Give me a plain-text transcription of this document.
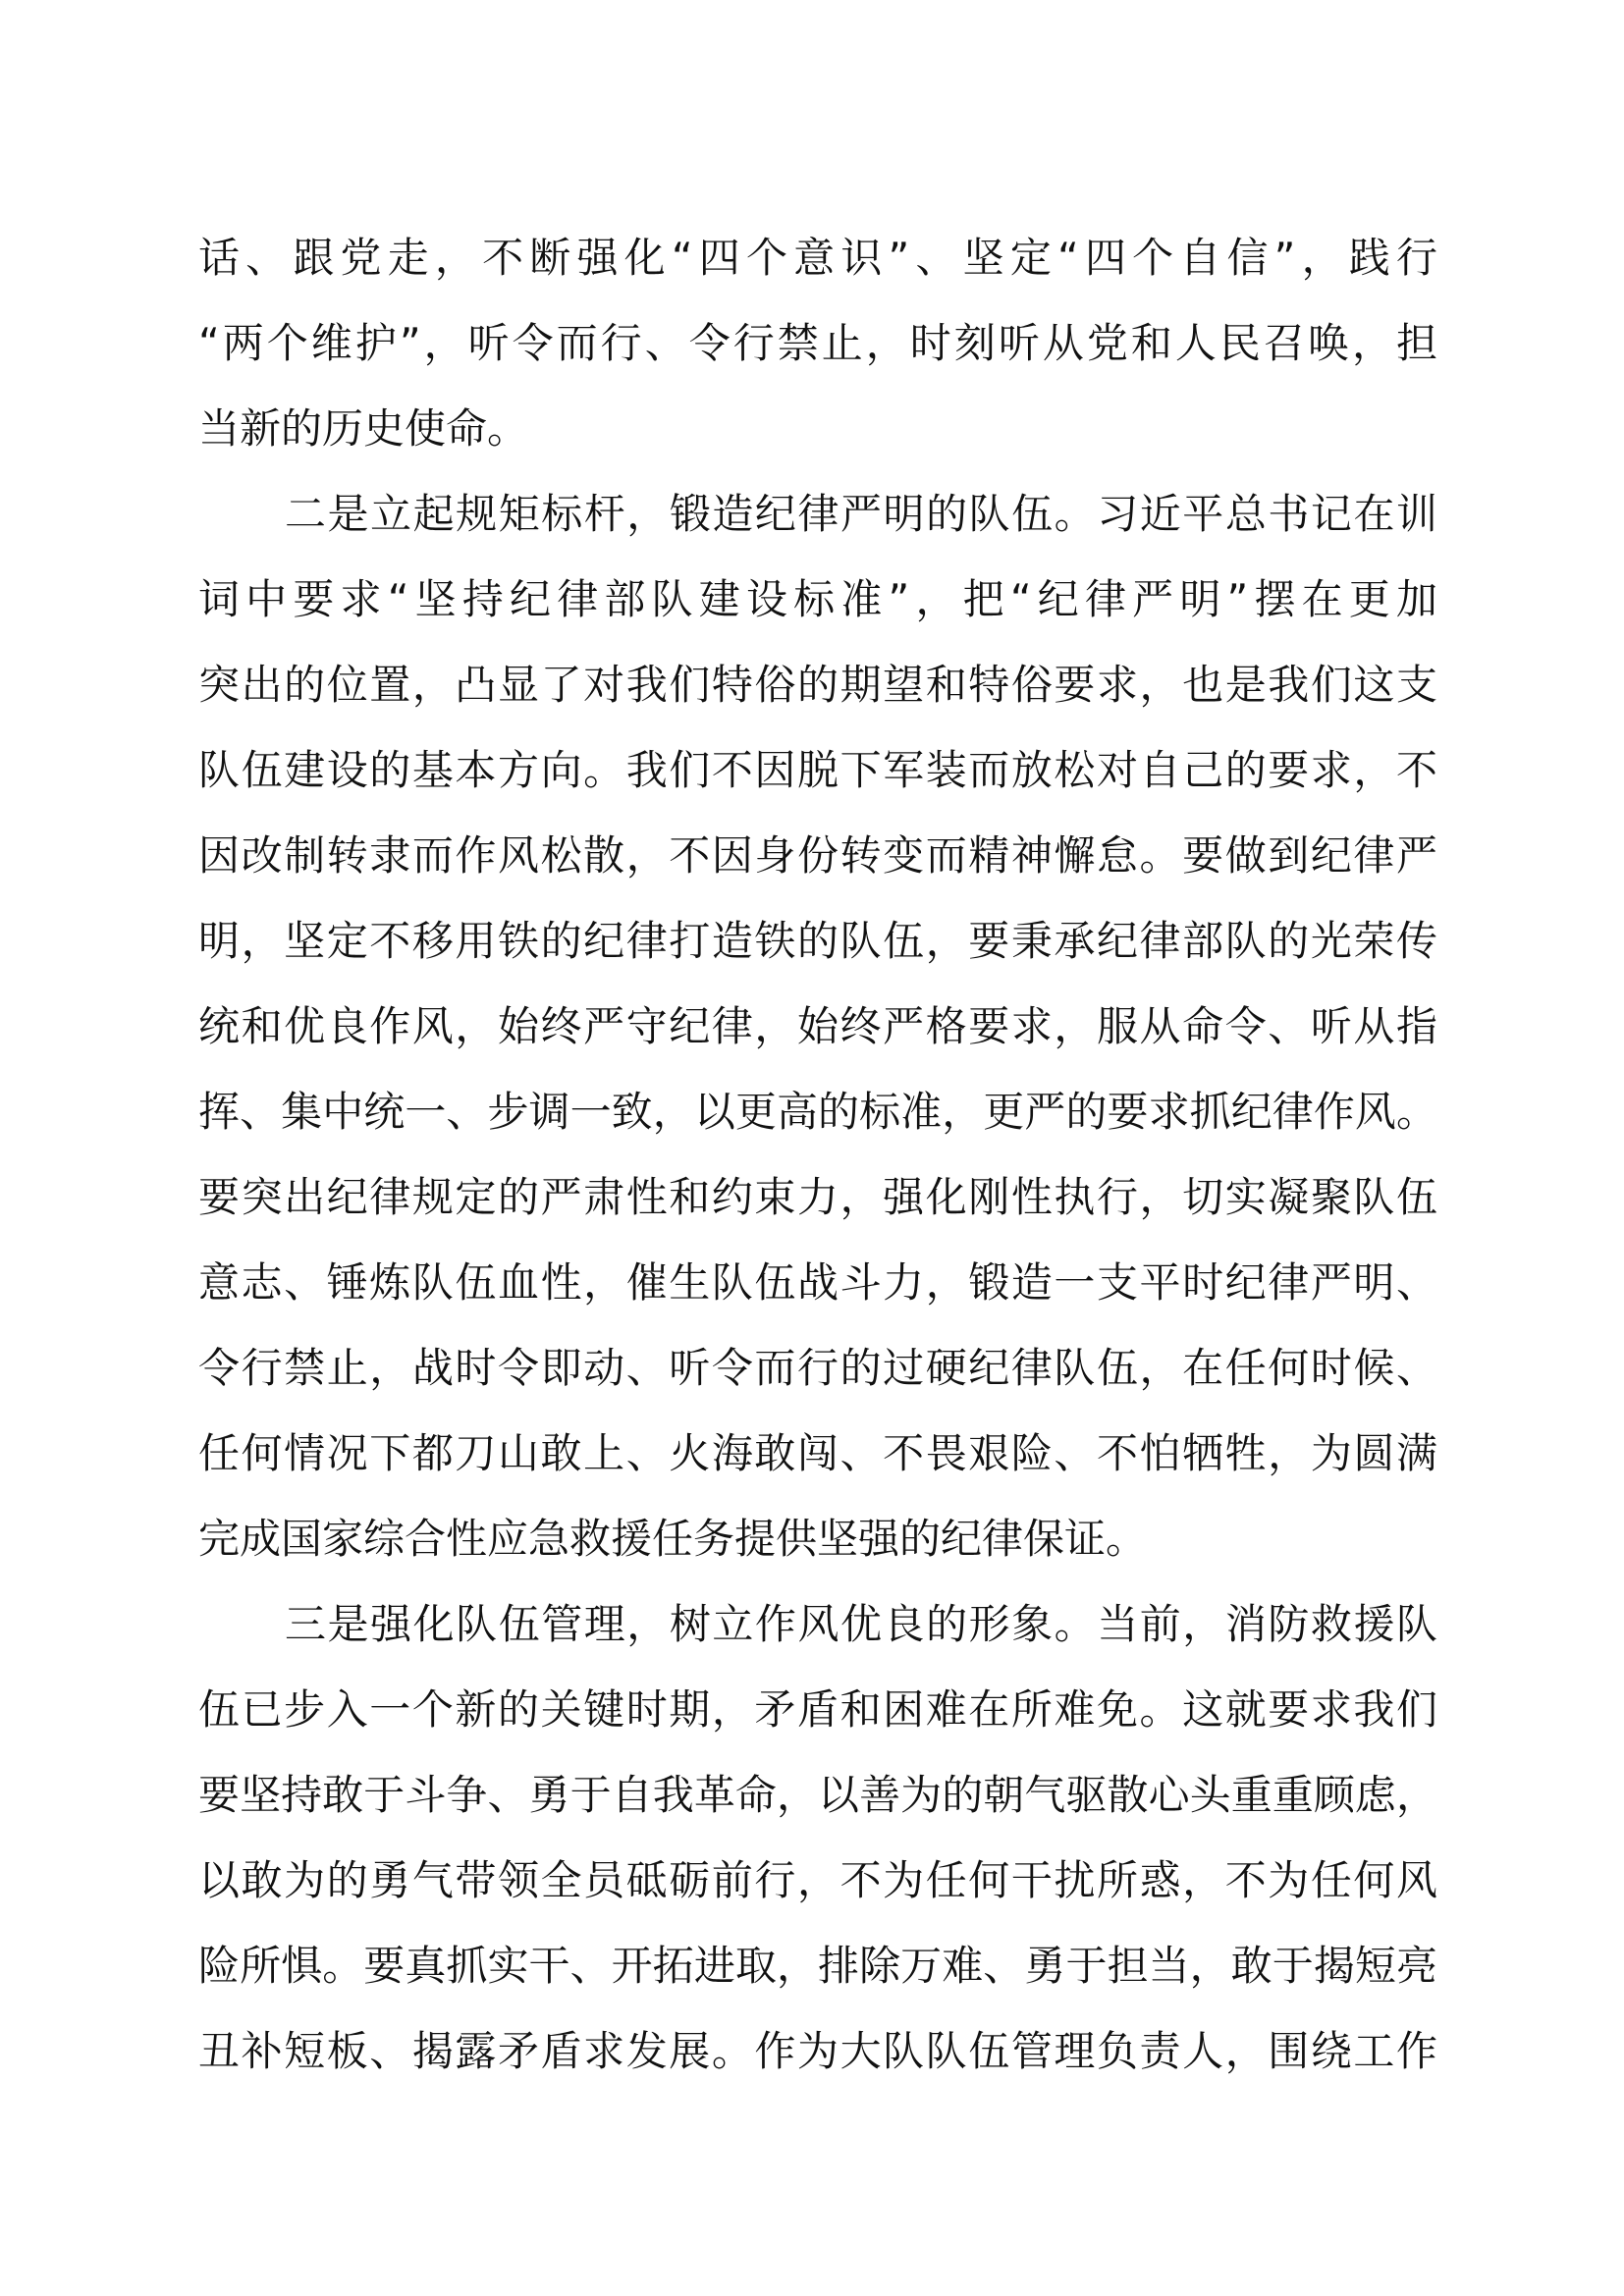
话、跟党走，不断强化“四个意识”、坚定“四个自信”，践行
“两个维护”，听令而行、令行禁止，时刻听从党和人民召唤，担
当新的历史使命。
二是立起规矩标杆，锻造纪律严明的队伍。习近平总书记在训
词中要求“坚持纪律部队建设标准”，把“纪律严明”摆在更加
突出的位置，凸显了对我们特俗的期望和特俗要求，也是我们这支
队伍建设的基本方向。我们不因脱下军装而放松对自己的要求，不
因改制转隶而作风松散，不因身份转变而精神懈怠。要做到纪律严
明，坚定不移用铁的纪律打造铁的队伍，要秉承纪律部队的光荣传
统和优良作风，始终严守纪律，始终严格要求，服从命令、听从指
挥、集中统一、步调一致，以更高的标准，更严的要求抓纪律作风。
要突出纪律规定的严肃性和约束力，强化刚性执行，切实凝聚队伍
意志、锤炼队伍血性，催生队伍战斗力，锻造一支平时纪律严明、
令行禁止，战时令即动、听令而行的过硬纪律队伍，在任何时候、
任何情况下都刀山敢上、火海敢闯、不畏艰险、不怕牺牲，为圆满
完成国家综合性应急救援任务提供坚强的纪律保证。
三是强化队伍管理，树立作风优良的形象。当前，消防救援队
伍已步入一个新的关键时期，矛盾和困难在所难免。这就要求我们
要坚持敢于斗争、勇于自我革命，以善为的朝气驱散心头重重顾虑，
以敢为的勇气带领全员砥砺前行，不为任何干扰所惑，不为任何风
险所惧。要真抓实干、开拓进取，排除万难、勇于担当，敢于揭短亮
丑补短板、揭露矛盾求发展。作为大队队伍管理负责人，围绕工作
